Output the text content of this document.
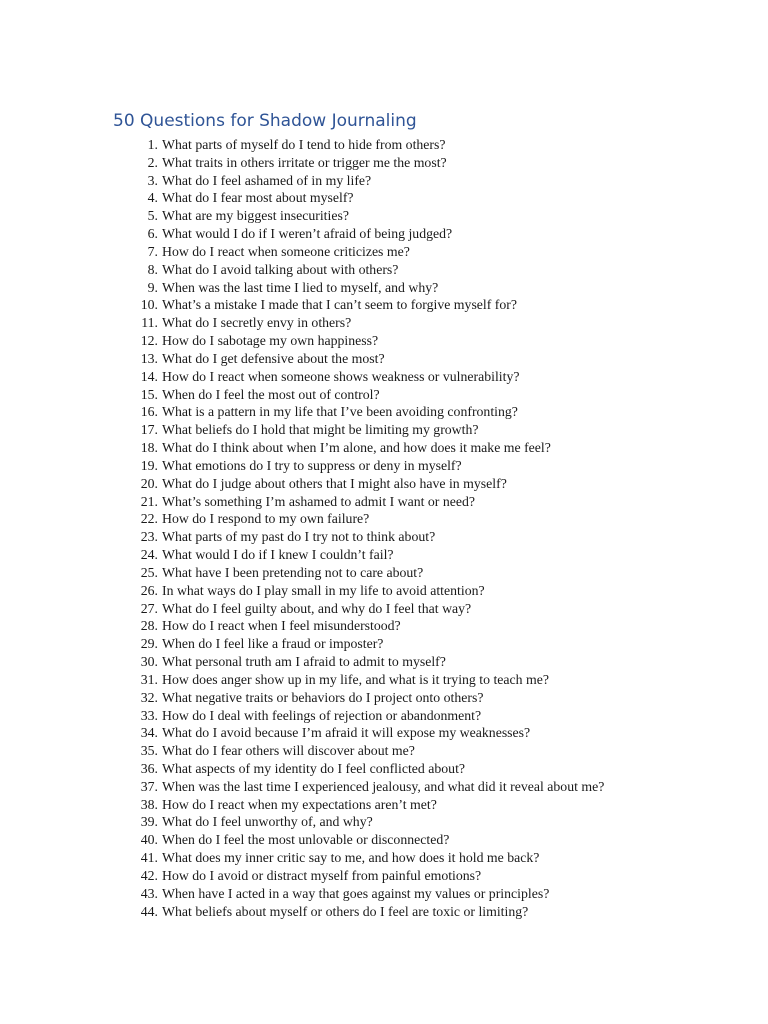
50 Questions for Shadow Journaling
1. What parts of myself do I tend to hide from others?
2. What traits in others irritate or trigger me the most?
3. What do I feel ashamed of in my life?
4. What do I fear most about myself?
5. What are my biggest insecurities?
6. What would I do if I weren’t afraid of being judged?
7. How do I react when someone criticizes me?
8. What do I avoid talking about with others?
9. When was the last time I lied to myself, and why?
10. What’s a mistake I made that I can’t seem to forgive myself for?
11. What do I secretly envy in others?
12. How do I sabotage my own happiness?
13. What do I get defensive about the most?
14. How do I react when someone shows weakness or vulnerability?
15. When do I feel the most out of control?
16. What is a pattern in my life that I’ve been avoiding confronting?
17. What beliefs do I hold that might be limiting my growth?
18. What do I think about when I’m alone, and how does it make me feel?
19. What emotions do I try to suppress or deny in myself?
20. What do I judge about others that I might also have in myself?
21. What’s something I’m ashamed to admit I want or need?
22. How do I respond to my own failure?
23. What parts of my past do I try not to think about?
24. What would I do if I knew I couldn’t fail?
25. What have I been pretending not to care about?
26. In what ways do I play small in my life to avoid attention?
27. What do I feel guilty about, and why do I feel that way?
28. How do I react when I feel misunderstood?
29. When do I feel like a fraud or imposter?
30. What personal truth am I afraid to admit to myself?
31. How does anger show up in my life, and what is it trying to teach me?
32. What negative traits or behaviors do I project onto others?
33. How do I deal with feelings of rejection or abandonment?
34. What do I avoid because I’m afraid it will expose my weaknesses?
35. What do I fear others will discover about me?
36. What aspects of my identity do I feel conflicted about?
37. When was the last time I experienced jealousy, and what did it reveal about me?
38. How do I react when my expectations aren’t met?
39. What do I feel unworthy of, and why?
40. When do I feel the most unlovable or disconnected?
41. What does my inner critic say to me, and how does it hold me back?
42. How do I avoid or distract myself from painful emotions?
43. When have I acted in a way that goes against my values or principles?
44. What beliefs about myself or others do I feel are toxic or limiting?
